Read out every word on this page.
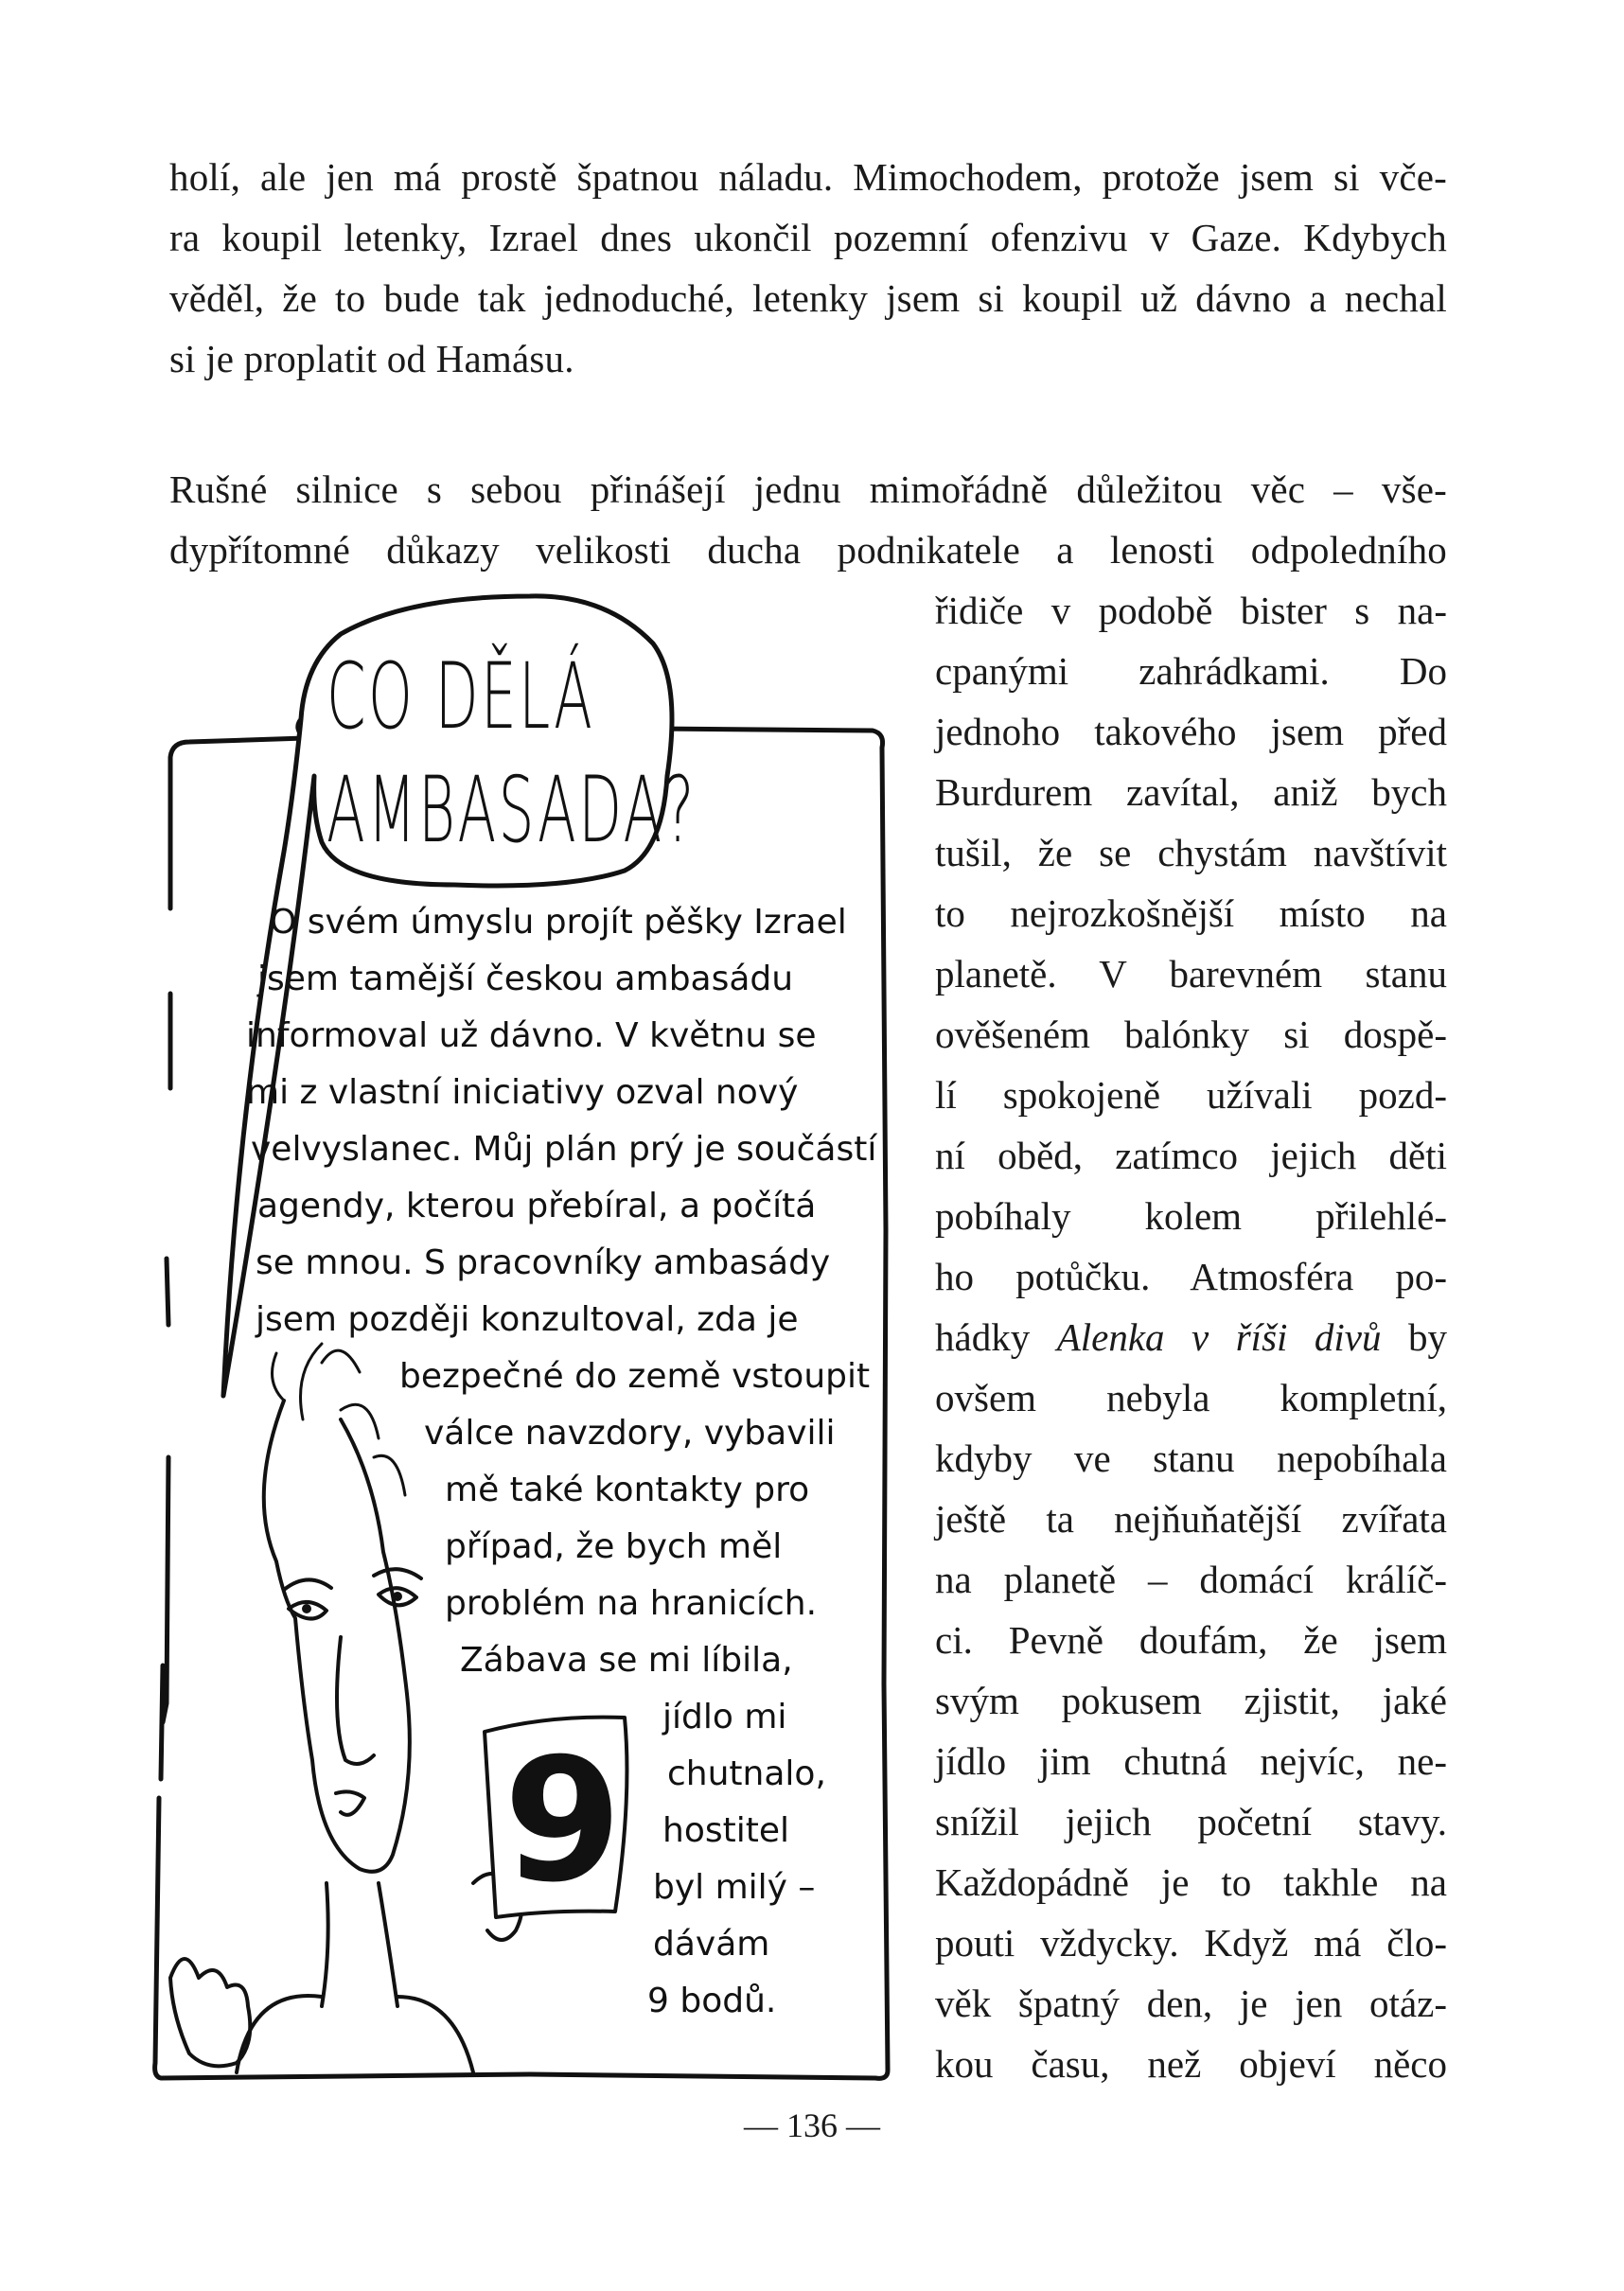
holí, ale jen má prostě špatnou náladu. Mimochodem, protože jsem si vče-
ra koupil letenky, Izrael dnes ukončil pozemní ofenzivu v Gaze. Kdybych
věděl, že to bude tak jednoduché, letenky jsem si koupil už dávno a nechal
si je proplatit od Hamásu.
Rušné silnice s sebou přinášejí jednu mimořádně důležitou věc – vše-
dypřítomné důkazy velikosti ducha podnikatele a lenosti odpoledního
řidiče v podobě bister s na-
cpanými zahrádkami. Do
jednoho takového jsem před
Burdurem zavítal, aniž bych
tušil, že se chystám navštívit
to nejrozkošnější místo na
planetě. V barevném stanu
ověšeném balónky si dospě-
lí spokojeně užívali pozd-
ní oběd, zatímco jejich děti
pobíhaly kolem přilehlé-
ho potůčku. Atmosféra po-
hádky Alenka v říši divů by
ovšem nebyla kompletní,
kdyby ve stanu nepobíhala
ještě ta nejňuňatější zvířata
na planetě – domácí králíč-
ci. Pevně doufám, že jsem
svým pokusem zjistit, jaké
jídlo jim chutná nejvíc, ne-
snížil jejich početní stavy.
Každopádně je to takhle na
pouti vždycky. Když má člo-
věk špatný den, je jen otáz-
kou času, než objeví něco
CO DĚLÁ
AMBASADA?
9
O svém úmyslu projít pěšky Izrael
jsem tamější českou ambasádu
informoval už dávno. V květnu se
mi z vlastní iniciativy ozval nový
velvyslanec. Můj plán prý je součástí
agendy, kterou přebíral, a počítá
se mnou. S pracovníky ambasády
jsem později konzultoval, zda je
bezpečné do země vstoupit
válce navzdory, vybavili
mě také kontakty pro
případ, že bych měl
problém na hranicích.
Zábava se mi líbila,
jídlo mi
chutnalo,
hostitel
byl milý –
dávám
9 bodů.
— 136 —
